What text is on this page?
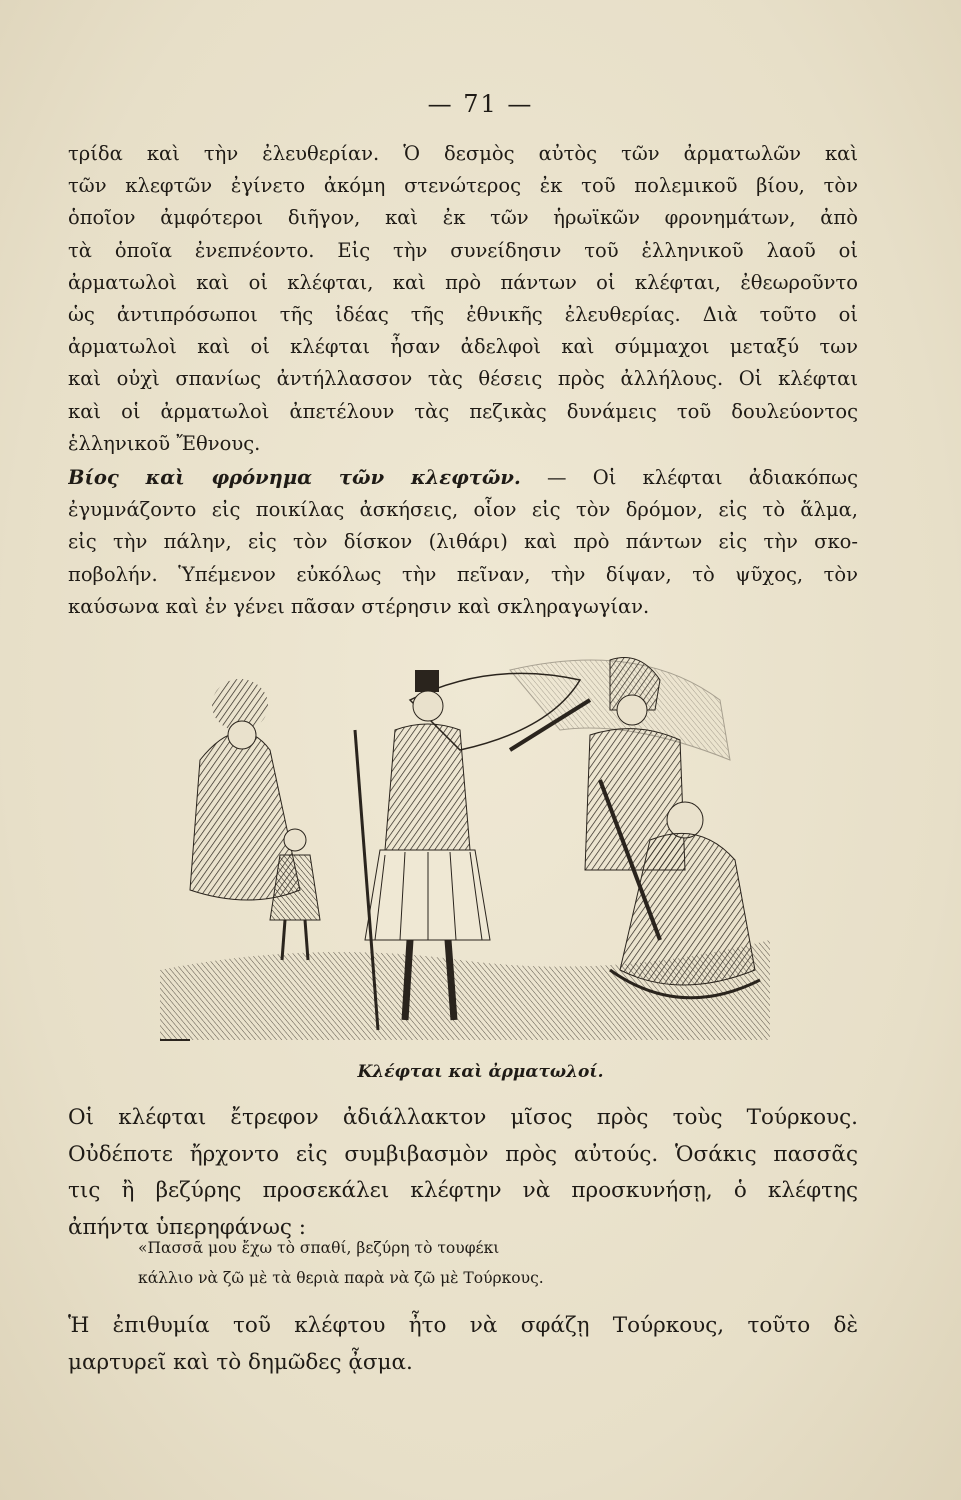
— 71 —
τρίδα καὶ τὴν ἐλευθερίαν. Ὁ δεσμὸς αὐτὸς τῶν ἀρματωλῶν καὶ
τῶν κλεφτῶν ἐγίνετο ἀκόμη στενώτερος ἐκ τοῦ πολεμικοῦ βίου, τὸν
ὁποῖον ἀμφότεροι διῆγον, καὶ ἐκ τῶν ἡρωϊκῶν φρονημάτων, ἀπὸ
τὰ ὁποῖα ἐνεπνέοντο. Εἰς τὴν συνείδησιν τοῦ ἑλληνικοῦ λαοῦ οἱ
ἀρματωλοὶ καὶ οἱ κλέφται, καὶ πρὸ πάντων οἱ κλέφται, ἐθεωροῦντο
ὡς ἀντιπρόσωποι τῆς ἰδέας τῆς ἐθνικῆς ἐλευθερίας. Διὰ τοῦτο οἱ
ἀρματωλοὶ καὶ οἱ κλέφται ἦσαν ἀδελφοὶ καὶ σύμμαχοι μεταξύ των
καὶ οὐχὶ σπανίως ἀντήλλασσον τὰς θέσεις πρὸς ἀλλήλους. Οἱ κλέφται
καὶ οἱ ἀρματωλοὶ ἀπετέλουν τὰς πεζικὰς δυνάμεις τοῦ δουλεύοντος
ἑλληνικοῦ Ἔθνους.
Βίος καὶ φρόνημα τῶν κλεφτῶν. — Οἱ κλέφται ἀδιακόπως
ἐγυμνάζοντο εἰς ποικίλας ἀσκήσεις, οἷον εἰς τὸν δρόμον, εἰς τὸ ἅλμα,
εἰς τὴν πάλην, εἰς τὸν δίσκον (λιθάρι) καὶ πρὸ πάντων εἰς τὴν σκο-
ποβολήν. Ὑπέμενον εὐκόλως τὴν πεῖναν, τὴν δίψαν, τὸ ψῦχος, τὸν
καύσωνα καὶ ἐν γένει πᾶσαν στέρησιν καὶ σκληραγωγίαν.
Κλέφται καὶ ἀρματωλοί.
Οἱ κλέφται ἔτρεφον ἀδιάλλακτον μῖσος πρὸς τοὺς Τούρκους.
Οὐδέποτε ἤρχοντο εἰς συμβιβασμὸν πρὸς αὐτούς. Ὁσάκις πασσᾶς
τις ἢ βεζύρης προσεκάλει κλέφτην νὰ προσκυνήσῃ, ὁ κλέφτης
ἀπήντα ὑπερηφάνως :
«Πασσᾶ μου ἔχω τὸ σπαθί, βεζύρη τὸ τουφέκι
κάλλιο νὰ ζῶ μὲ τὰ θεριὰ παρὰ νὰ ζῶ μὲ Τούρκους.
Ἡ ἐπιθυμία τοῦ κλέφτου ἦτο νὰ σφάζῃ Τούρκους, τοῦτο δὲ
μαρτυρεῖ καὶ τὸ δημῶδες ᾆσμα.
